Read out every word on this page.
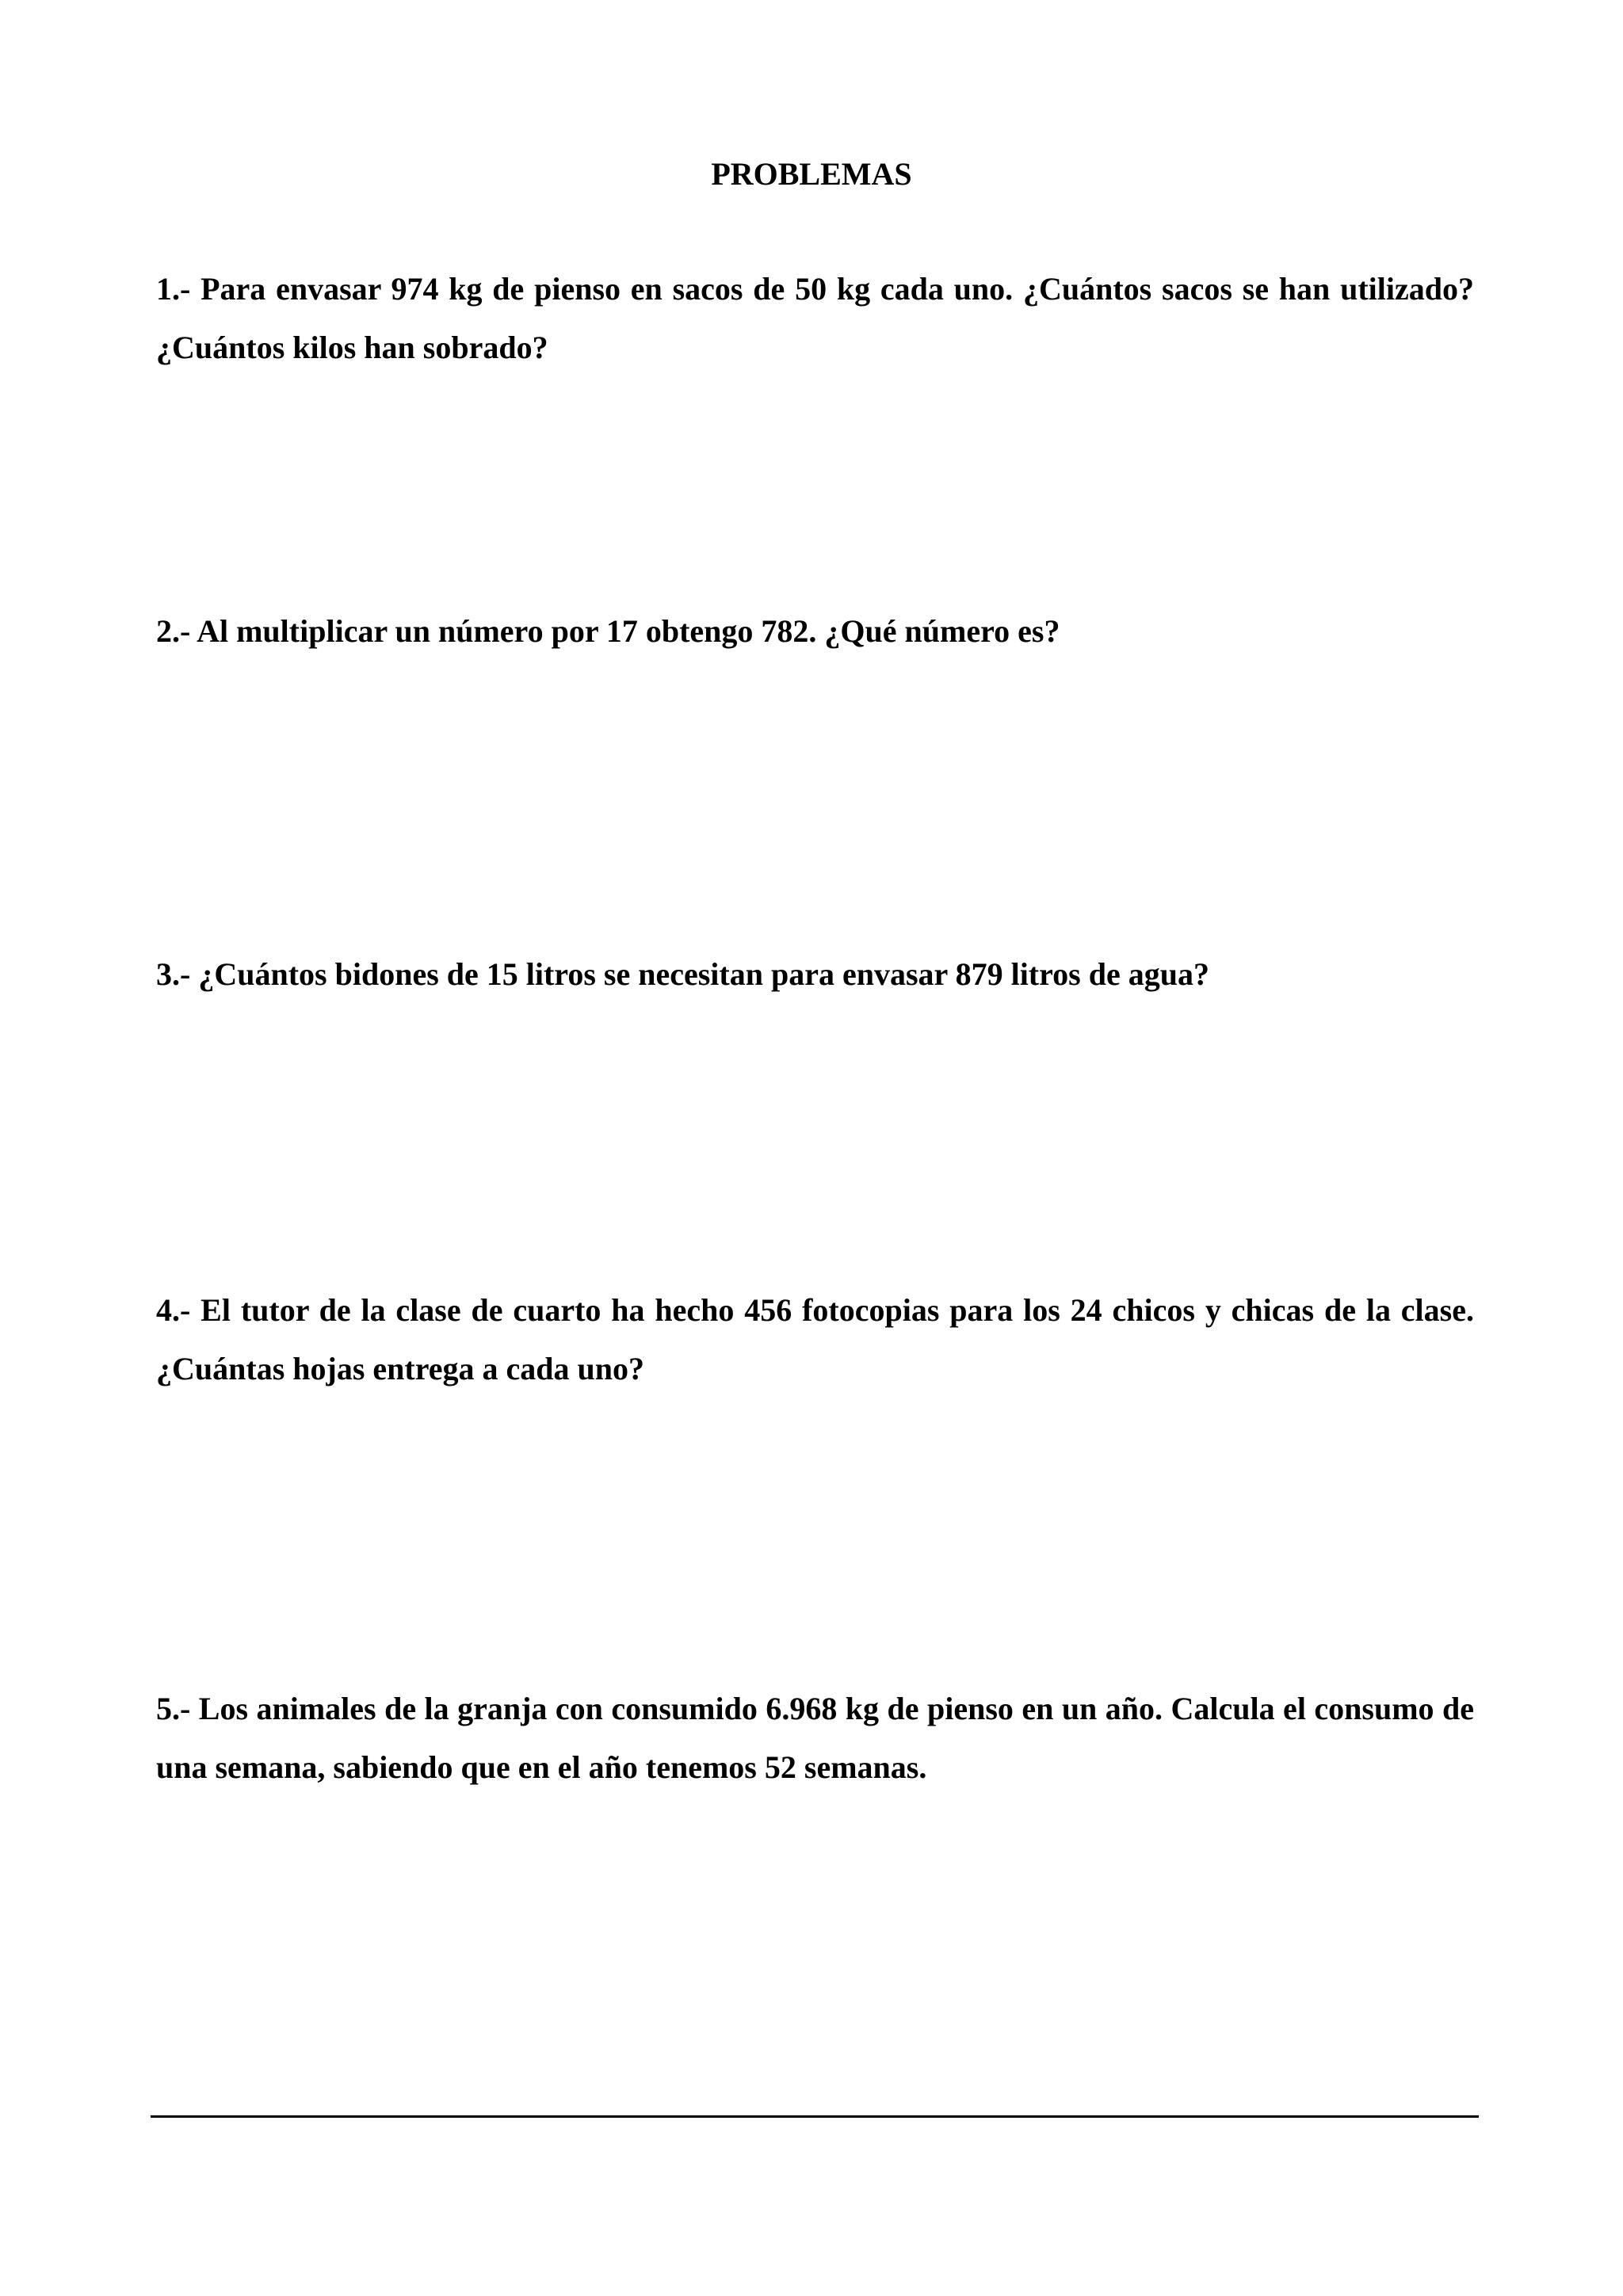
PROBLEMAS

1.- Para envasar 974 kg de pienso en sacos de 50 kg cada uno. ¿Cuántos sacos se han utilizado? ¿Cuántos kilos han sobrado?

2.- Al multiplicar un número por 17 obtengo 782. ¿Qué número es?

3.- ¿Cuántos bidones de 15 litros se necesitan para envasar 879 litros de agua?

4.- El tutor de la clase de cuarto ha hecho 456 fotocopias para los 24 chicos y chicas de la clase. ¿Cuántas hojas entrega a cada uno?

5.- Los animales de la granja con consumido 6.968 kg de pienso en un año. Calcula el consumo de una semana, sabiendo que en el año tenemos 52 semanas.
